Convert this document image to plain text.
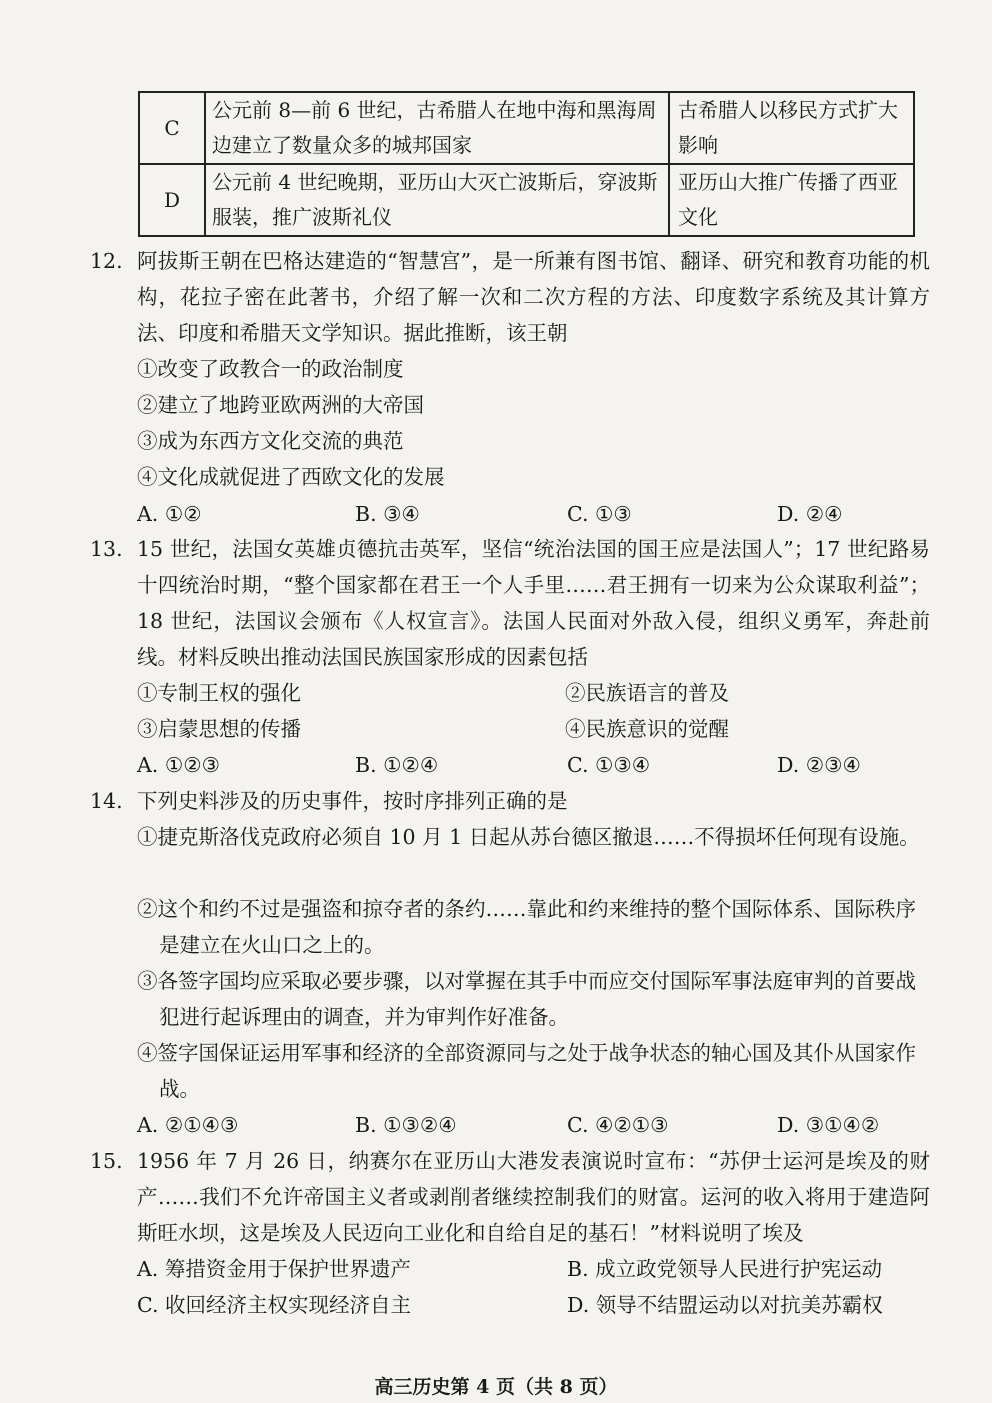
C	公元前 8—前 6 世纪，古希腊人在地中海和黑海周边建立了数量众多的城邦国家	古希腊人以移民方式扩大影响
D	公元前 4 世纪晚期，亚历山大灭亡波斯后，穿波斯服装，推广波斯礼仪	亚历山大推广传播了西亚文化
12. 阿拔斯王朝在巴格达建造的“智慧宫”，是一所兼有图书馆、翻译、研究和教育功能的机构，花拉子密在此著书，介绍了解一次和二次方程的方法、印度数字系统及其计算方法、印度和希腊天文学知识。据此推断，该王朝
①改变了政教合一的政治制度
②建立了地跨亚欧两洲的大帝国
③成为东西方文化交流的典范
④文化成就促进了西欧文化的发展
A. ①②	B. ③④	C. ①③	D. ②④
13. 15 世纪，法国女英雄贞德抗击英军，坚信“统治法国的国王应是法国人”；17 世纪路易十四统治时期，“整个国家都在君王一个人手里……君王拥有一切来为公众谋取利益”；18 世纪，法国议会颁布《人权宣言》。法国人民面对外敌入侵，组织义勇军，奔赴前线。材料反映出推动法国民族国家形成的因素包括
①专制王权的强化	②民族语言的普及
③启蒙思想的传播	④民族意识的觉醒
A. ①②③	B. ①②④	C. ①③④	D. ②③④
14. 下列史料涉及的历史事件，按时序排列正确的是
①捷克斯洛伐克政府必须自 10 月 1 日起从苏台德区撤退……不得损坏任何现有设施。
②这个和约不过是强盗和掠夺者的条约……靠此和约来维持的整个国际体系、国际秩序是建立在火山口之上的。
③各签字国均应采取必要步骤，以对掌握在其手中而应交付国际军事法庭审判的首要战犯进行起诉理由的调查，并为审判作好准备。
④签字国保证运用军事和经济的全部资源同与之处于战争状态的轴心国及其仆从国家作战。
A. ②①④③	B. ①③②④	C. ④②①③	D. ③①④②
15. 1956 年 7 月 26 日，纳赛尔在亚历山大港发表演说时宣布：“苏伊士运河是埃及的财产……我们不允许帝国主义者或剥削者继续控制我们的财富。运河的收入将用于建造阿斯旺水坝，这是埃及人民迈向工业化和自给自足的基石！”材料说明了埃及
A. 筹措资金用于保护世界遗产	B. 成立政党领导人民进行护宪运动
C. 收回经济主权实现经济自主	D. 领导不结盟运动以对抗美苏霸权
高三历史第 4 页（共 8 页）
